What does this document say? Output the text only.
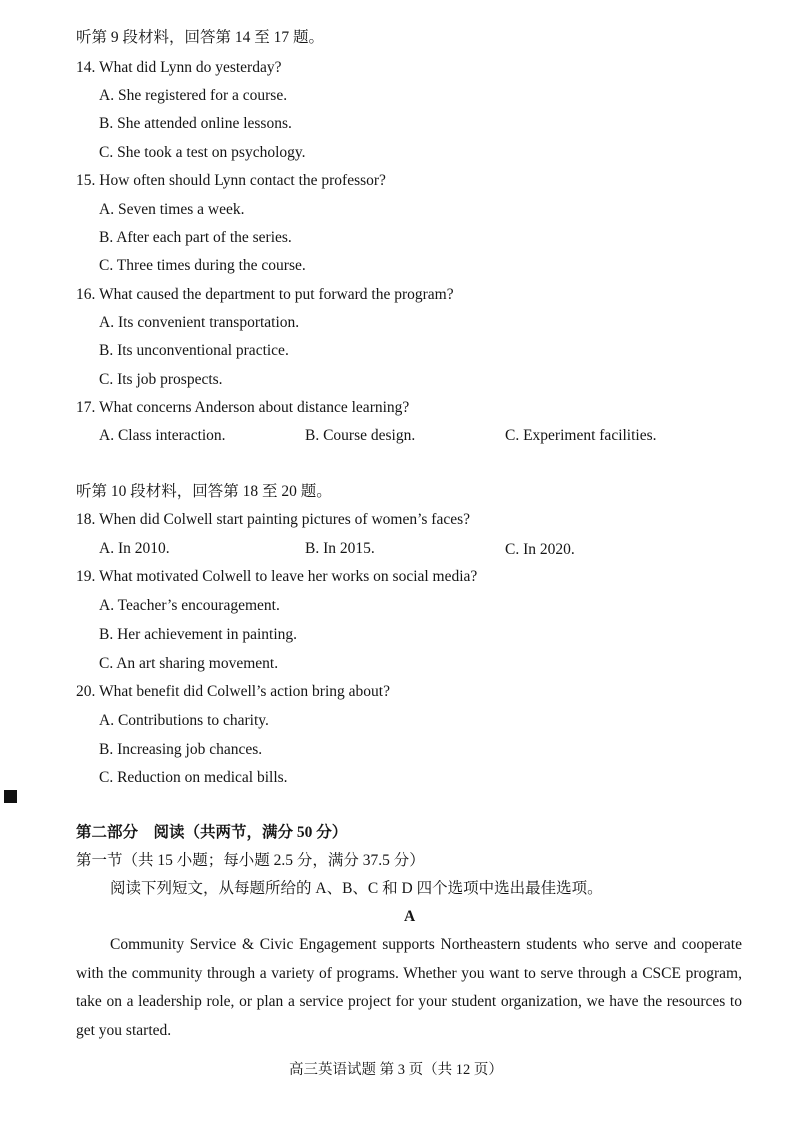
听第 9 段材料，回答第 14 至 17 题。
14. What did Lynn do yesterday?
A. She registered for a course.
B. She attended online lessons.
C. She took a test on psychology.
15. How often should Lynn contact the professor?
A. Seven times a week.
B. After each part of the series.
C. Three times during the course.
16. What caused the department to put forward the program?
A. Its convenient transportation.
B. Its unconventional practice.
C. Its job prospects.
17. What concerns Anderson about distance learning?
A. Class interaction.	B. Course design.	C. Experiment facilities.
听第 10 段材料，回答第 18 至 20 题。
18. When did Colwell start painting pictures of women’s faces?
A. In 2010.	B. In 2015.	C. In 2020.
19. What motivated Colwell to leave her works on social media?
A. Teacher’s encouragement.
B. Her achievement in painting.
C. An art sharing movement.
20. What benefit did Colwell’s action bring about?
A. Contributions to charity.
B. Increasing job chances.
C. Reduction on medical bills.
第二部分　阅读（共两节，满分 50 分）
第一节（共 15 小题；每小题 2.5 分，满分 37.5 分）
阅读下列短文，从每题所给的 A、B、C 和 D 四个选项中选出最佳选项。
A
Community Service & Civic Engagement supports Northeastern students who serve and cooperate with the community through a variety of programs. Whether you want to serve through a CSCE program, take on a leadership role, or plan a service project for your student organization, we have the resources to get you started.
高三英语试题 第 3 页（共 12 页）
